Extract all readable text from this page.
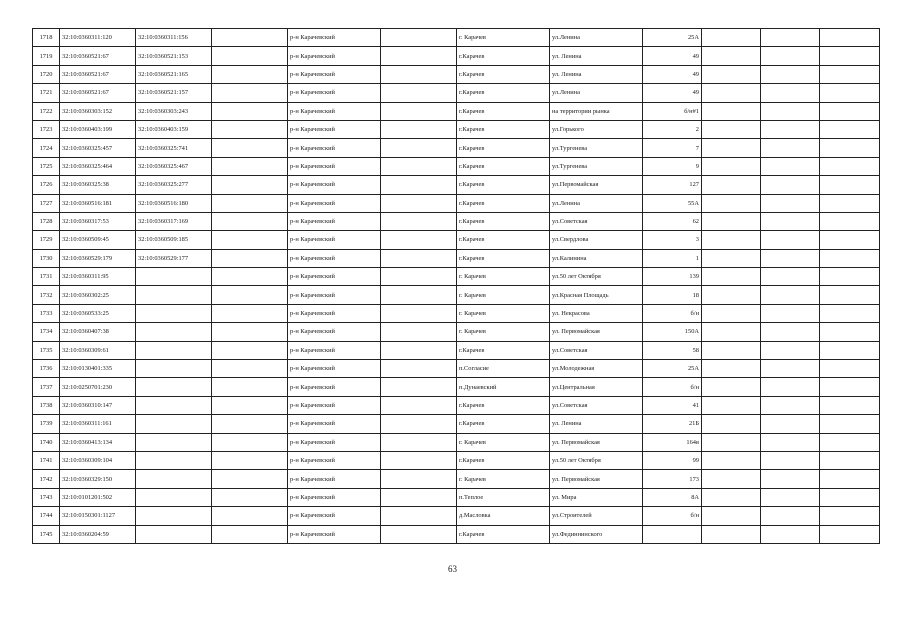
1718	32:10:0360311:120	32:10:0360311:156		р-н Карачевский		г. Карачев	ул.Ленина	25А			
1719	32:10:0360521:67	32:10:0360521:153		р-н Карачевский		г.Карачев	ул. Ленина	49			
1720	32:10:0360521:67	32:10:0360521:165		р-н Карачевский		г.Карачев	ул. Ленина	49			
1721	32:10:0360521:67	32:10:0360521:157		р-н Карачевский		г.Карачев	ул.Ленина	49			
1722	32:10:0360303:152	32:10:0360303:243		р-н Карачевский		г.Карачев	на территории рынка	б/н#1			
1723	32:10:0360403:199	32:10:0360403:159		р-н Карачевский		г.Карачев	ул.Горького	2			
1724	32:10:0360325:457	32:10:0360325:741		р-н Карачевский		г.Карачев	ул.Тургенева	7			
1725	32:10:0360325:464	32:10:0360325:467		р-н Карачевский		г.Карачев	ул.Тургенева	9			
1726	32:10:0360325:38	32:10:0360325:277		р-н Карачевский		г.Карачев	ул.Первомайская	127			
1727	32:10:0360516:181	32:10:0360516:180		р-н Карачевский		г.Карачев	ул.Ленина	55А			
1728	32:10:0360317:53	32:10:0360317:169		р-н Карачевский		г.Карачев	ул.Советская	62			
1729	32:10:0360509:45	32:10:0360509:185		р-н Карачевский		г.Карачев	ул.Свердлова	3			
1730	32:10:0360529:179	32:10:0360529:177		р-н Карачевский		г.Карачев	ул.Калинина	1			
1731	32:10:0360311:95			р-н Карачевский		г. Карачев	ул.50 лет Октября	139			
1732	32:10:0360302:25			р-н Карачевский		г. Карачев	ул.Красная Площадь	18			
1733	32:10:0360533:25			р-н Карачевский		г. Карачев	ул. Некрасова	б/н			
1734	32:10:0360407:38			р-н Карачевский		г. Карачев	ул. Первомайская	150А			
1735	32:10:0360309:61			р-н Карачевский		г.Карачев	ул.Советская	58			
1736	32:10:0130401:335			р-н Карачевский		п.Согласие	ул.Молодежная	25А			
1737	32:10:0250701:230			р-н Карачевский		п.Дунаевский	ул.Центральная	б/н			
1738	32:10:0360310:147			р-н Карачевский		г.Карачев	ул.Советская	41			
1739	32:10:0360311:161			р-н Карачевский		г.Карачев	ул. Ленина	21Б			
1740	32:10:0360413:134			р-н Карачевский		г. Карачев	ул. Первомайская	164в			
1741	32:10:0360309:104			р-н Карачевский		г.Карачев	ул.50 лет Октября	99			
1742	32:10:0360329:150			р-н Карачевский		г. Карачев	ул. Первомайская	173			
1743	32:10:0101201:502			р-н Карачевский		п.Теплое	ул. Мира	8А			
1744	32:10:0150301:1127			р-н Карачевский		д.Масловка	ул.Строителей	б/н			
1745	32:10:0360204:59			р-н Карачевский		г.Карачев	ул.Фединнинского				
63
